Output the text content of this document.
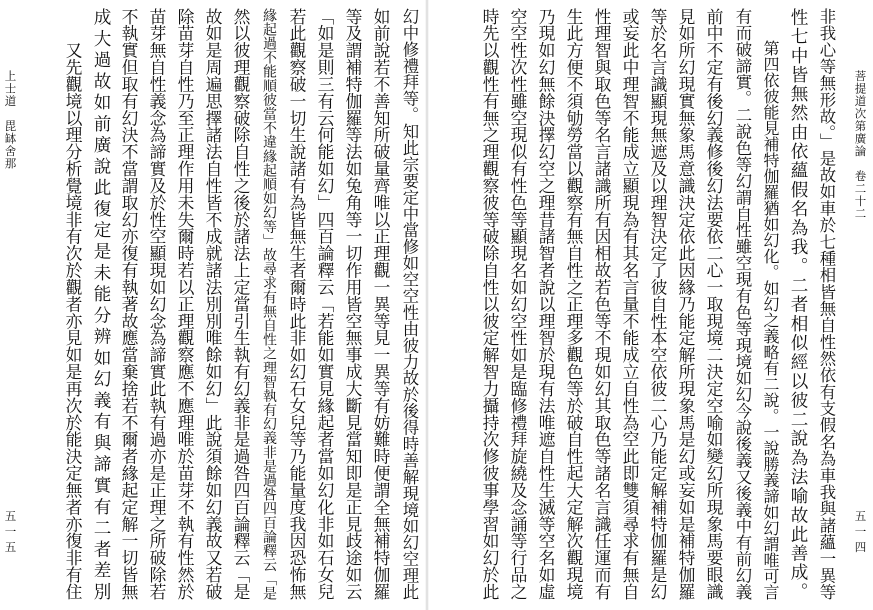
上士道　毘缽舍那
五一五	幻中修禮拜等。知此宗要定中當修如空空性由彼力故於後得時善解現境如幻空理此
如前說若不善知所破量齊唯以正理觀一異等見一異等有妨難時便謂全無補特伽羅
等及謂補特伽羅等法如兔角等一切作用皆空無事成大斷見當知即是正見歧途如云
「如是則三有云何能如幻」四百論釋云「若能如實見緣起者當如幻化非如石女兒
若此觀察破一切生說諸有為皆無生者爾時此非如幻石女兒等乃能量度我因恐怖無
緣起過不能順彼當不違緣起順如幻等」故尋求有無自性之理智執有幻義非是過咎四百論釋云「是
然以彼理觀察破除自性之後於諸法上定當引生執有幻義非是過咎四百論釋云「是
故如是周遍思擇諸法自性皆不成就諸法別別唯餘如幻」此說須餘如幻義故又若破
除苗芽自性乃至正理作用未失爾時若以正理觀察應不應理唯於苗芽不執有性然於
苗芽無自性義念為諦實及於性空顯現如幻念為諦實此執有過亦是正理之所破除若
不執實但取有幻決不當謂取幻亦復有執著故應當棄捨若不爾者緣起定解一切皆無
成大過故如前廣說此復定是未能分辨如幻義有與諦實有二者差別
　　又先觀境以理分析覺境非有次於觀者亦見如是再次於能決定無者亦復非有住	菩提道次第廣論　卷二十二
五一四
非我心等無形故。」是故如車於七種相皆無自性然依有支假名為車我與諸蘊一異等
性七中皆無然由依蘊假名為我。二者相似經以彼二說為法喻故此善成。
　　第四依彼能見補特伽羅猶如幻化。如幻之義略有二說。一說勝義諦如幻謂唯可言
有而破諦實。二說色等幻謂自性雖空現有色等現境如幻今說後義又後義中有前幻義
前中不定有後幻義修後幻法要依二心一取現境二決定空喻如變幻所現象馬要眼識
見如所幻現實無象馬意識決定依此因緣乃能定解所現象馬是幻或妄如是補特伽羅
等於名言識顯現無遮及以理智決定了彼自性本空依彼二心乃能定解補特伽羅是幻
或妄此中理智不能成立顯現為有其名言量不能成立自性為空此即雙須尋求有無自
性理智與取色等名言諸識所有因相故若色等不現如幻其取色等諸名言識任運而有
生此方便不須劬勞當以觀察有無自性之正理多觀色等於破自性起大定解次觀現境
乃現如幻無餘決擇幻空之理昔諸智者說以理智於現有法唯遮自性生滅等空名如虛
空空性次性雖空現似有性色等顯現名如幻空性如是臨修禮拜旋繞及念誦等行品之
時先以觀性有無之理觀察彼等破除自性以彼定解智力攝持次修彼事學習如幻於此
